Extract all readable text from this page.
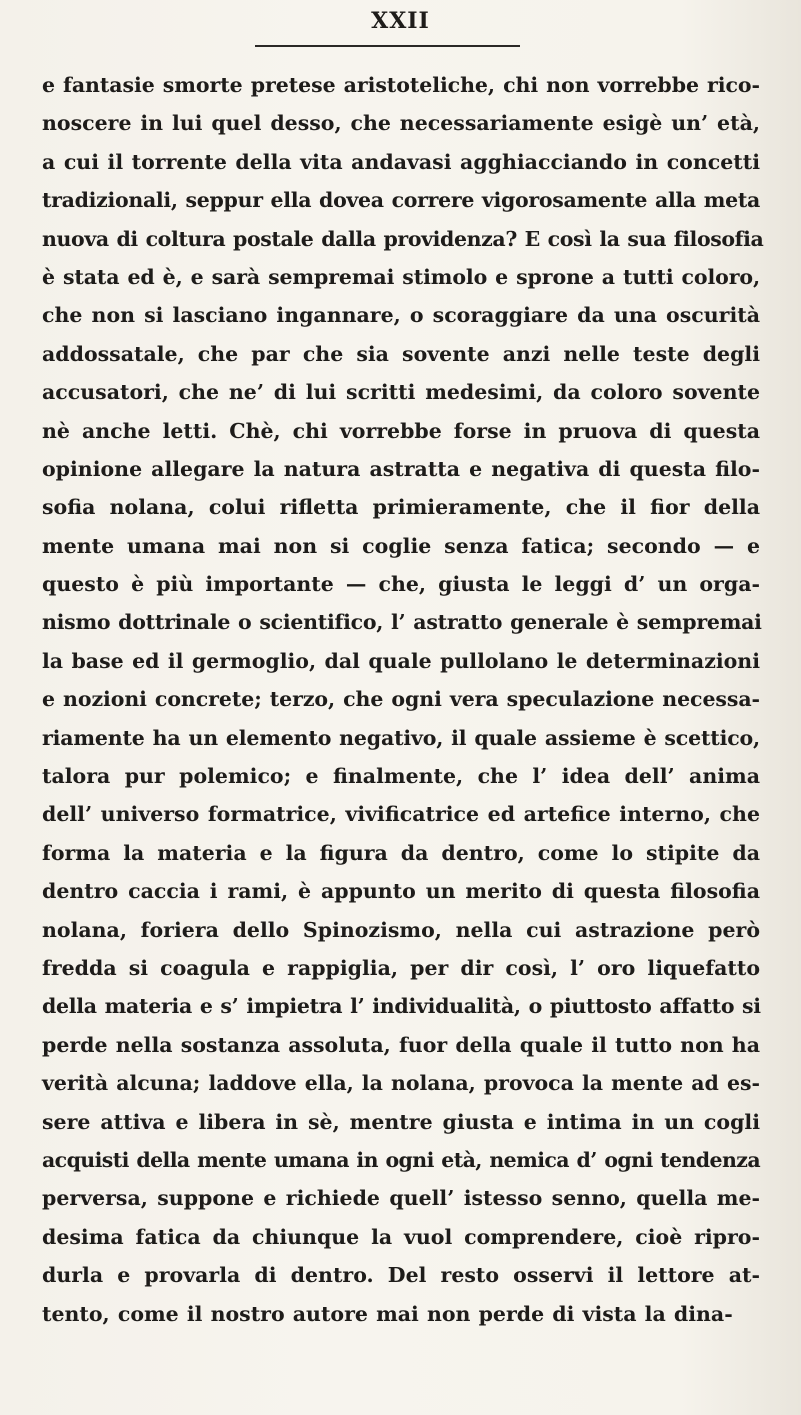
XXII
e fantasie smorte pretese aristoteliche, chi non vorrebbe rico-
noscere in lui quel desso, che necessariamente esigè un’ età,
a cui il torrente della vita andavasi agghiacciando in concetti
tradizionali, seppur ella dovea correre vigorosamente alla meta
nuova di coltura postale dalla providenza? E così la sua filosofia
è stata ed è, e sarà sempremai stimolo e sprone a tutti coloro,
che non si lasciano ingannare, o scoraggiare da una oscurità
addossatale, che par che sia sovente anzi nelle teste degli
accusatori, che ne’ di lui scritti medesimi, da coloro sovente
nè anche letti. Chè, chi vorrebbe forse in pruova di questa
opinione allegare la natura astratta e negativa di questa filo-
sofia nolana, colui rifletta primieramente, che il fior della
mente umana mai non si coglie senza fatica; secondo — e
questo è più importante — che, giusta le leggi d’ un orga-
nismo dottrinale o scientifico, l’ astratto generale è sempremai
la base ed il germoglio, dal quale pullolano le determinazioni
e nozioni concrete; terzo, che ogni vera speculazione necessa-
riamente ha un elemento negativo, il quale assieme è scettico,
talora pur polemico; e finalmente, che l’ idea dell’ anima
dell’ universo formatrice, vivificatrice ed artefice interno, che
forma la materia e la figura da dentro, come lo stipite da
dentro caccia i rami, è appunto un merito di questa filosofia
nolana, foriera dello Spinozismo, nella cui astrazione però
fredda si coagula e rappiglia, per dir così, l’ oro liquefatto
della materia e s’ impietra l’ individualità, o piuttosto affatto si
perde nella sostanza assoluta, fuor della quale il tutto non ha
verità alcuna; laddove ella, la nolana, provoca la mente ad es-
sere attiva e libera in sè, mentre giusta e intima in un cogli
acquisti della mente umana in ogni età, nemica d’ ogni tendenza
perversa, suppone e richiede quell’ istesso senno, quella me-
desima fatica da chiunque la vuol comprendere, cioè ripro-
durla e provarla di dentro. Del resto osservi il lettore at-
tento, come il nostro autore mai non perde di vista la dina-
